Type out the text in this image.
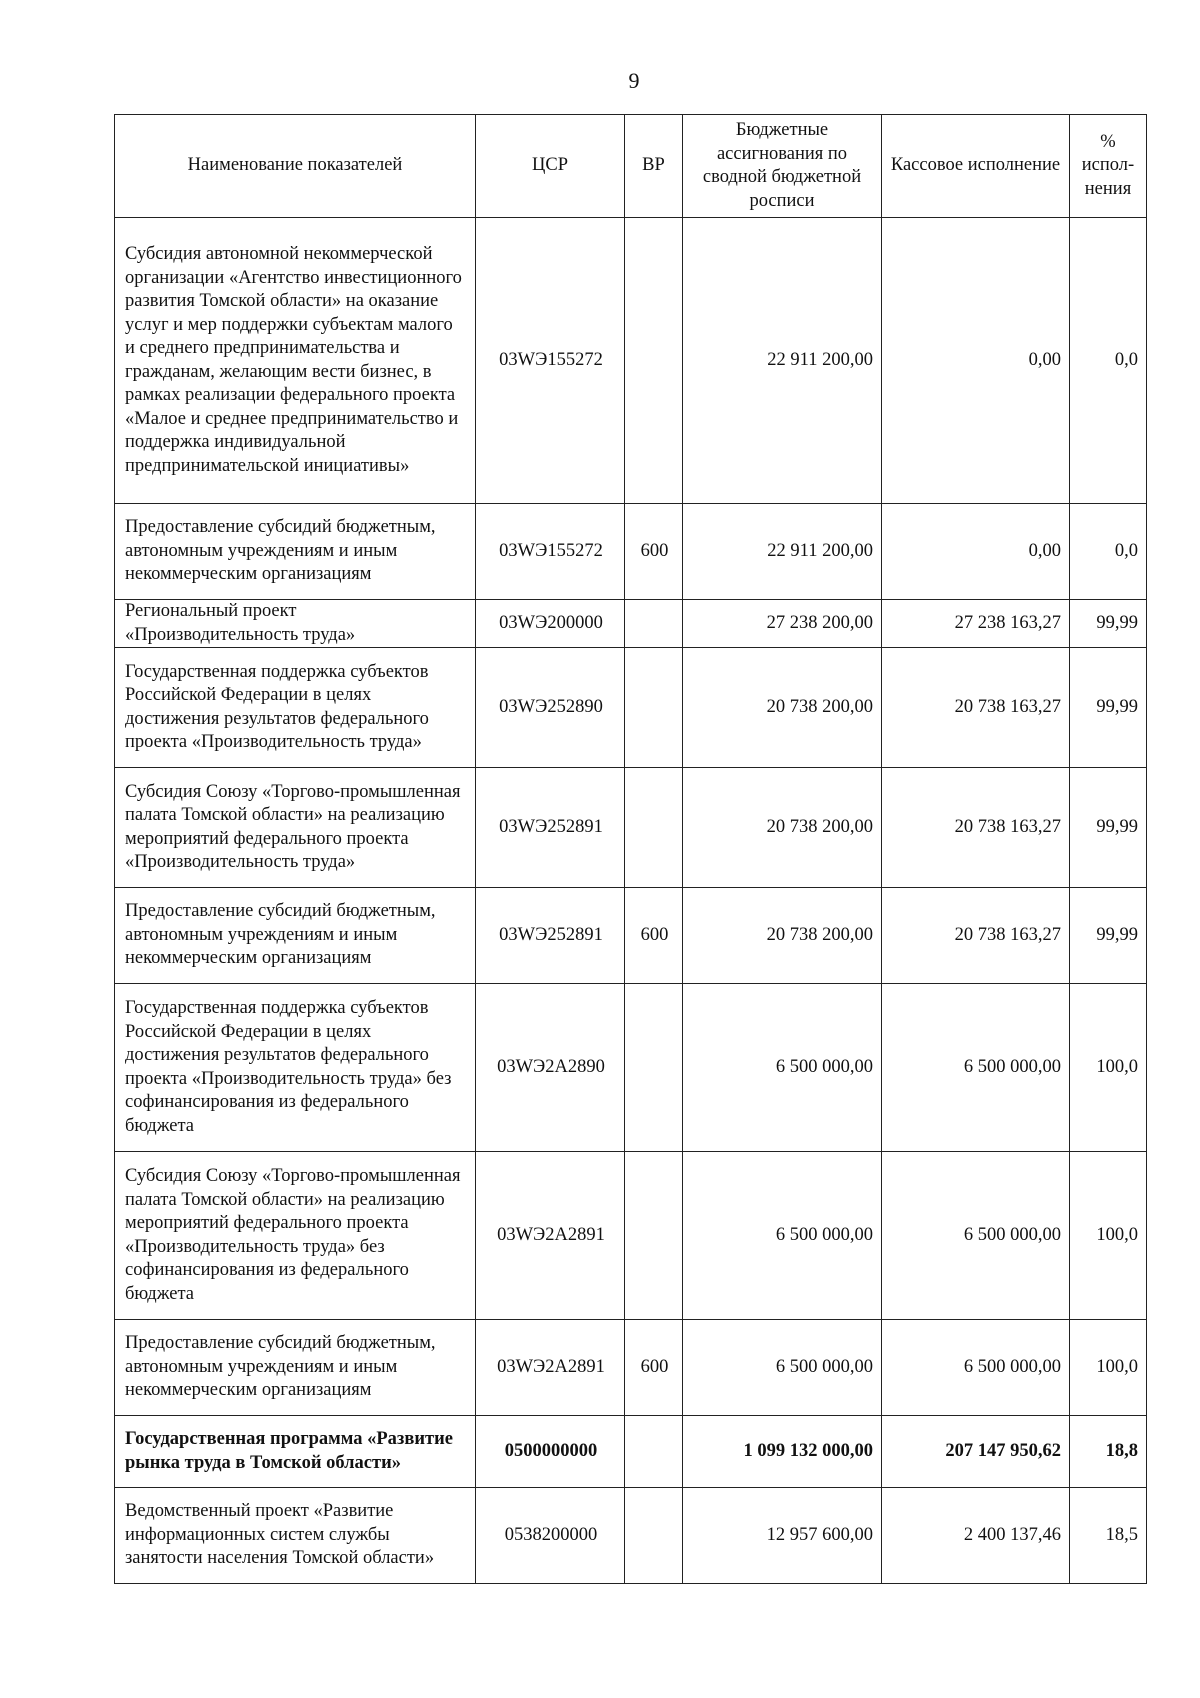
9
Наименование показателей	ЦСР	ВР	Бюджетные ассигнования по сводной бюджетной росписи	Кассовое исполнение	% испол-нения
Субсидия автономной некоммерческой организации «Агентство инвестиционного развития Томской области» на оказание услуг и мер поддержки субъектам малого и среднего предпринимательства и гражданам, желающим вести бизнес, в рамках реализации федерального проекта «Малое и среднее предпринимательство и поддержка индивидуальной предпринимательской инициативы»	03WЭ155272		22 911 200,00	0,00	0,0
Предоставление субсидий бюджетным, автономным учреждениям и иным некоммерческим организациям	03WЭ155272	600	22 911 200,00	0,00	0,0
Региональный проект «Производительность труда»	03WЭ200000		27 238 200,00	27 238 163,27	99,99
Государственная поддержка субъектов Российской Федерации в целях достижения результатов федерального проекта «Производительность труда»	03WЭ252890		20 738 200,00	20 738 163,27	99,99
Субсидия Союзу «Торгово-промышленная палата Томской области» на реализацию мероприятий федерального проекта «Производительность труда»	03WЭ252891		20 738 200,00	20 738 163,27	99,99
Предоставление субсидий бюджетным, автономным учреждениям и иным некоммерческим организациям	03WЭ252891	600	20 738 200,00	20 738 163,27	99,99
Государственная поддержка субъектов Российской Федерации в целях достижения результатов федерального проекта «Производительность труда» без софинансирования из федерального бюджета	03WЭ2А2890		6 500 000,00	6 500 000,00	100,0
Субсидия Союзу «Торгово-промышленная палата Томской области» на реализацию мероприятий федерального проекта «Производительность труда» без софинансирования из федерального бюджета	03WЭ2А2891		6 500 000,00	6 500 000,00	100,0
Предоставление субсидий бюджетным, автономным учреждениям и иным некоммерческим организациям	03WЭ2А2891	600	6 500 000,00	6 500 000,00	100,0
Государственная программа «Развитие рынка труда в Томской области»	0500000000		1 099 132 000,00	207 147 950,62	18,8
Ведомственный проект «Развитие информационных систем службы занятости населения Томской области»	0538200000		12 957 600,00	2 400 137,46	18,5
